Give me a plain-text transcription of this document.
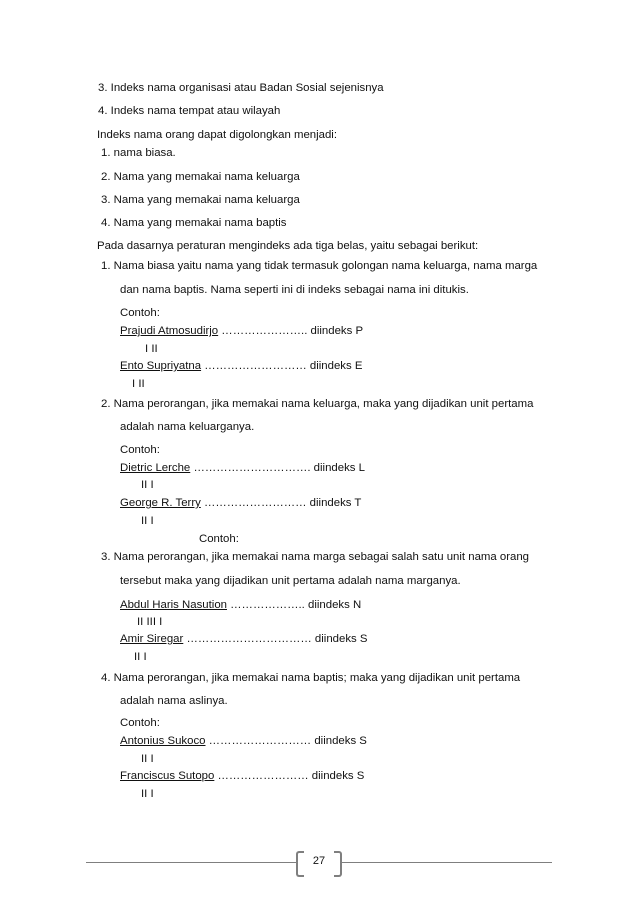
3. Indeks nama organisasi atau Badan Sosial sejenisnya
4. Indeks nama tempat atau wilayah
Indeks nama orang dapat digolongkan menjadi:
1. nama biasa.
2. Nama yang memakai nama keluarga
3. Nama yang memakai nama keluarga
4. Nama yang memakai nama baptis
Pada dasarnya peraturan mengindeks ada tiga belas, yaitu sebagai berikut:
1. Nama biasa yaitu nama yang tidak termasuk golongan nama keluarga, nama marga
dan nama baptis. Nama seperti ini di indeks sebagai nama ini ditukis.
Contoh:
Prajudi Atmosudirjo ………………….. diindeks P
I II
Ento Supriyatna ……………………… diindeks E
I II
2. Nama perorangan, jika memakai nama keluarga, maka yang dijadikan unit pertama
adalah nama keluarganya.
Contoh:
Dietric Lerche …………………………. diindeks L
II I
George R. Terry ……………………… diindeks T
II I
Contoh:
3. Nama perorangan, jika memakai nama marga sebagai salah satu unit nama orang
tersebut maka yang dijadikan unit pertama adalah nama marganya.
Abdul Haris Nasution ……………….. diindeks N
II III I
Amir Siregar …………………………… diindeks S
II I
4. Nama perorangan, jika memakai nama baptis; maka yang dijadikan unit pertama
adalah nama aslinya.
Contoh:
Antonius Sukoco ……………………… diindeks S
II I
Franciscus Sutopo …………………… diindeks S
II I
27
